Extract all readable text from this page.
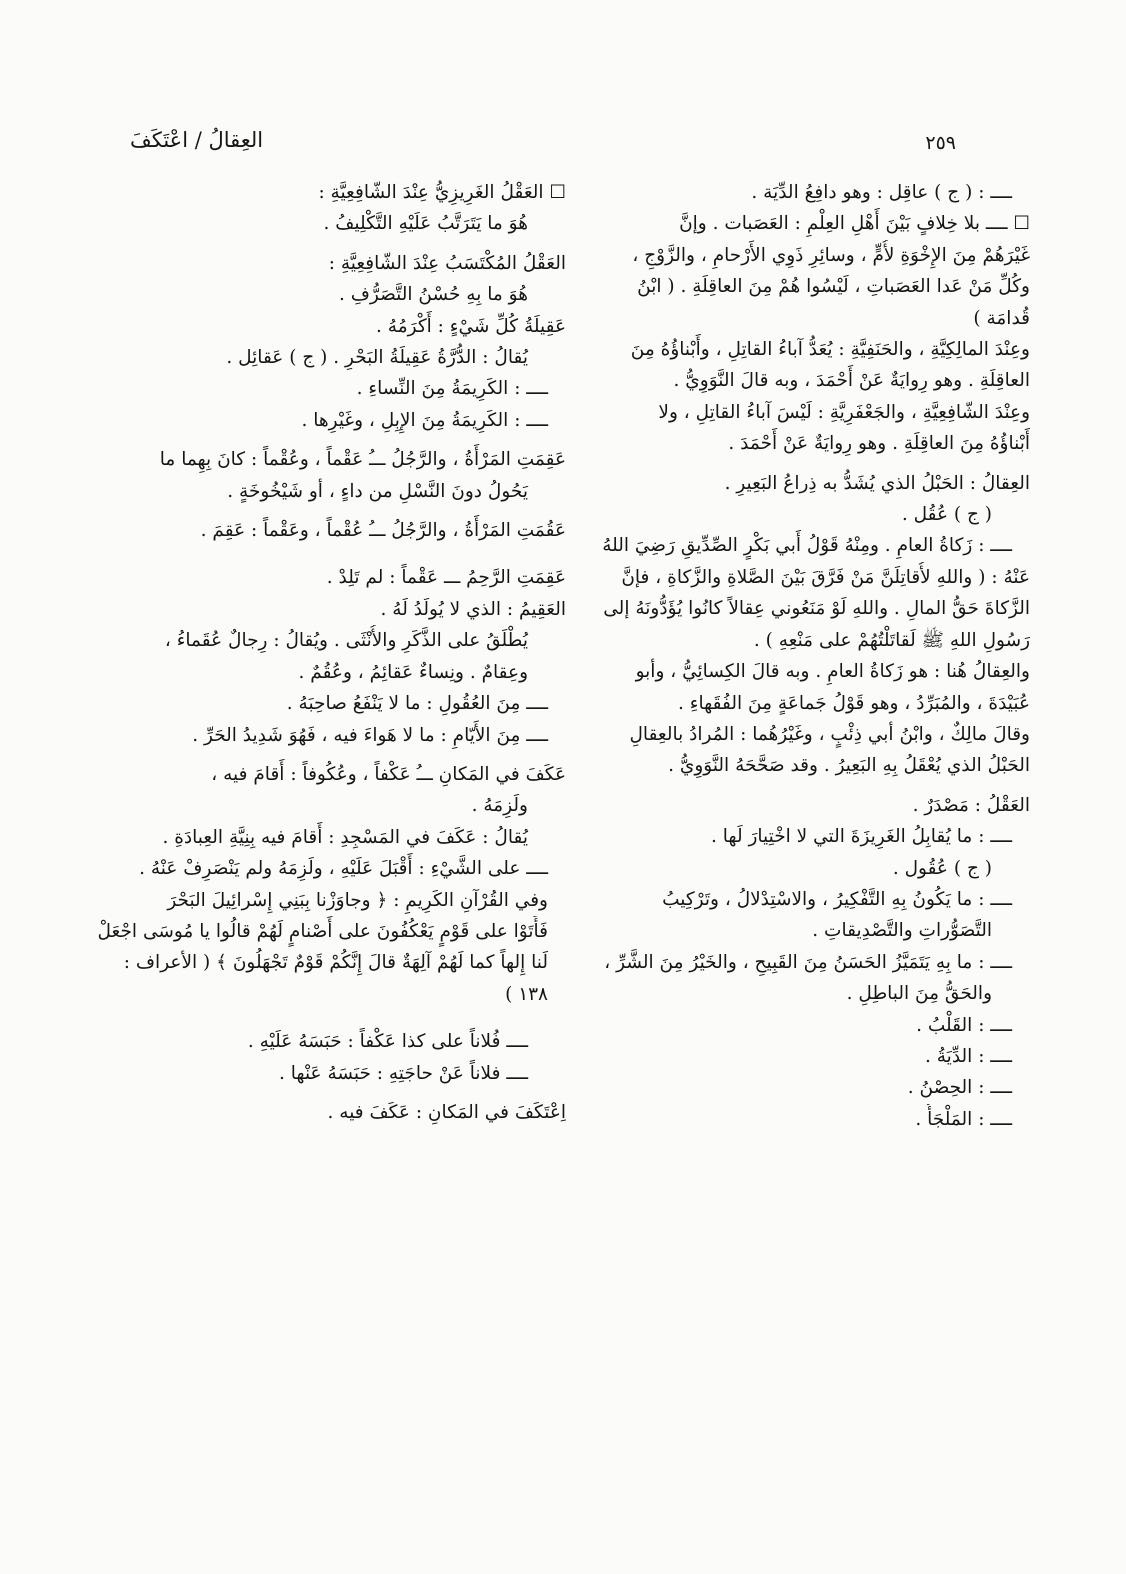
٢٥٩
العِقالُ / اعْتَكَفَ
ــــ : ( ج ) عاقِل : وهو دافِعُ الدِّيَة .
☐ ــــ بلا خِلافٍ بَيْنَ أَهْلِ العِلْمِ : العَصَبات . وإنَّ
غَيْرَهُمْ مِنَ الإِخْوَةِ لأُمٍّ ، وسائِرِ ذَوِي الأَرْحامِ ، والزَّوْجِ ،
وكُلِّ مَنْ عَدا العَصَباتِ ، لَيْسُوا هُمْ مِنَ العاقِلَةِ . ( ابْنُ
قُدامَة )
وعِنْدَ المالِكِيَّةِ ، والحَنَفِيَّةِ : يُعَدُّ آباءُ القاتِلِ ، وأَبْناؤُهُ مِنَ
العاقِلَةِ . وهو رِوايَةٌ عَنْ أَحْمَدَ ، وبه قالَ النَّوَوِيُّ .
وعِنْدَ الشّافِعِيَّةِ ، والجَعْفَرِيَّةِ : لَيْسَ آباءُ القاتِلِ ، ولا
أَبْناؤُهُ مِنَ العاقِلَةِ . وهو رِوايَةٌ عَنْ أَحْمَدَ .
العِقالُ : الحَبْلُ الذي يُشَدُّ به ذِراعُ البَعِيرِ .
( ج ) عُقُل .
ــــ : زَكاةُ العامِ . ومِنْهُ قَوْلُ أَبي بَكْرٍ الصِّدِّيقِ رَضِيَ اللهُ
عَنْهُ : ( واللهِ لأُقاتِلَنَّ مَنْ فَرَّقَ بَيْنَ الصَّلاةِ والزَّكاةِ ، فإنَّ
الزَّكاةَ حَقُّ المالِ . واللهِ لَوْ مَنَعُوني عِقالاً كانُوا يُؤَدُّونَهُ إلى
رَسُولِ اللهِ ﷺ لَقاتَلْتُهُمْ على مَنْعِهِ ) .
والعِقالُ هُنا : هو زَكاةُ العامِ . وبه قالَ الكِسائِيُّ ، وأبو
عُبَيْدَةَ ، والمُبَرِّدُ ، وهو قَوْلُ جَماعَةٍ مِنَ الفُقَهاءِ .
وقالَ مالِكٌ ، وابْنُ أبي ذِئْبٍ ، وغَيْرُهُما : المُرادُ بالعِقالِ
الحَبْلُ الذي يُعْقَلُ بِهِ البَعِيرُ . وقد صَحَّحَهُ النَّوَوِيُّ .
العَقْلُ : مَصْدَرٌ .
ــــ : ما يُقابِلُ الغَرِيزَةَ التي لا اخْتِيارَ لَها .
( ج ) عُقُول .
ــــ : ما يَكُونُ بِهِ التَّفْكِيرُ ، والاسْتِدْلالُ ، وتَرْكِيبُ
التَّصَوُّراتِ والتَّصْدِيقاتِ .
ــــ : ما بِهِ يَتَمَيَّزُ الحَسَنُ مِنَ القَبِيحِ ، والخَيْرُ مِنَ الشَّرِّ ،
والحَقُّ مِنَ الباطِلِ .
ــــ : القَلْبُ .
ــــ : الدِّيَةُ .
ــــ : الحِصْنُ .
ــــ : المَلْجَأُ .
☐ العَقْلُ الغَرِيزِيُّ عِنْدَ الشّافِعِيَّةِ :
هُوَ ما يَتَرَتَّبُ عَلَيْهِ التَّكْلِيفُ .
العَقْلُ المُكْتَسَبُ عِنْدَ الشّافِعِيَّةِ :
هُوَ ما بِهِ حُسْنُ التَّصَرُّفِ .
عَقِيلَةُ كُلِّ شَيْءٍ : أَكْرَمُهُ .
يُقالُ : الدُّرَّةُ عَقِيلَةُ البَحْرِ . ( ج ) عَقائِل .
ــــ : الكَرِيمَةُ مِنَ النِّساءِ .
ــــ : الكَرِيمَةُ مِنَ الإِبِلِ ، وغَيْرِها .
عَقِمَتِ المَرْأَةُ ، والرَّجُلُ ـــُ عَقْماً ، وعُقْماً : كانَ بِهِما ما
يَحُولُ دونَ النَّسْلِ من داءٍ ، أو شَيْخُوخَةٍ .
عَقُمَتِ المَرْأَةُ ، والرَّجُلُ ـــُ عُقْماً ، وعَقْماً : عَقِمَ .
عَقِمَتِ الرَّحِمُ ـــ عَقْماً : لم تَلِدْ .
العَقِيمُ : الذي لا يُولَدُ لَهُ .
يُطْلَقُ على الذَّكَرِ والأُنْثَى . ويُقالُ : رِجالٌ عُقَماءُ ،
وعِقامٌ . ونِساءٌ عَقائِمُ ، وعُقُمٌ .
ــــ مِنَ العُقُولِ : ما لا يَنْفَعُ صاحِبَهُ .
ــــ مِنَ الأَيّامِ : ما لا هَواءَ فيه ، فَهُوَ شَدِيدُ الحَرِّ .
عَكَفَ في المَكانِ ـــُ عَكْفاً ، وعُكُوفاً : أَقامَ فيه ،
ولَزِمَهُ .
يُقالُ : عَكَفَ في المَسْجِدِ : أَقامَ فيه بِنِيَّةِ العِبادَةِ .
ــــ على الشَّيْءِ : أَقْبَلَ عَلَيْهِ ، ولَزِمَهُ ولم يَنْصَرِفْ عَنْهُ .
وفي القُرْآنِ الكَرِيمِ : ﴿ وجاوَزْنا بِبَنِي إِسْرائِيلَ البَحْرَ
فَأَتَوْا على قَوْمٍ يَعْكُفُونَ على أَصْنامٍ لَهُمْ قالُوا يا مُوسَى اجْعَلْ
لَنا إِلهاً كما لَهُمْ آلِهَةٌ قالَ إِنَّكُمْ قَوْمٌ تَجْهَلُونَ ﴾ ( الأعراف :
١٣٨ )
ــــ فُلاناً على كذا عَكْفاً : حَبَسَهُ عَلَيْهِ .
ــــ فلاناً عَنْ حاجَتِهِ : حَبَسَهُ عَنْها .
اِعْتَكَفَ في المَكانِ : عَكَفَ فيه .
